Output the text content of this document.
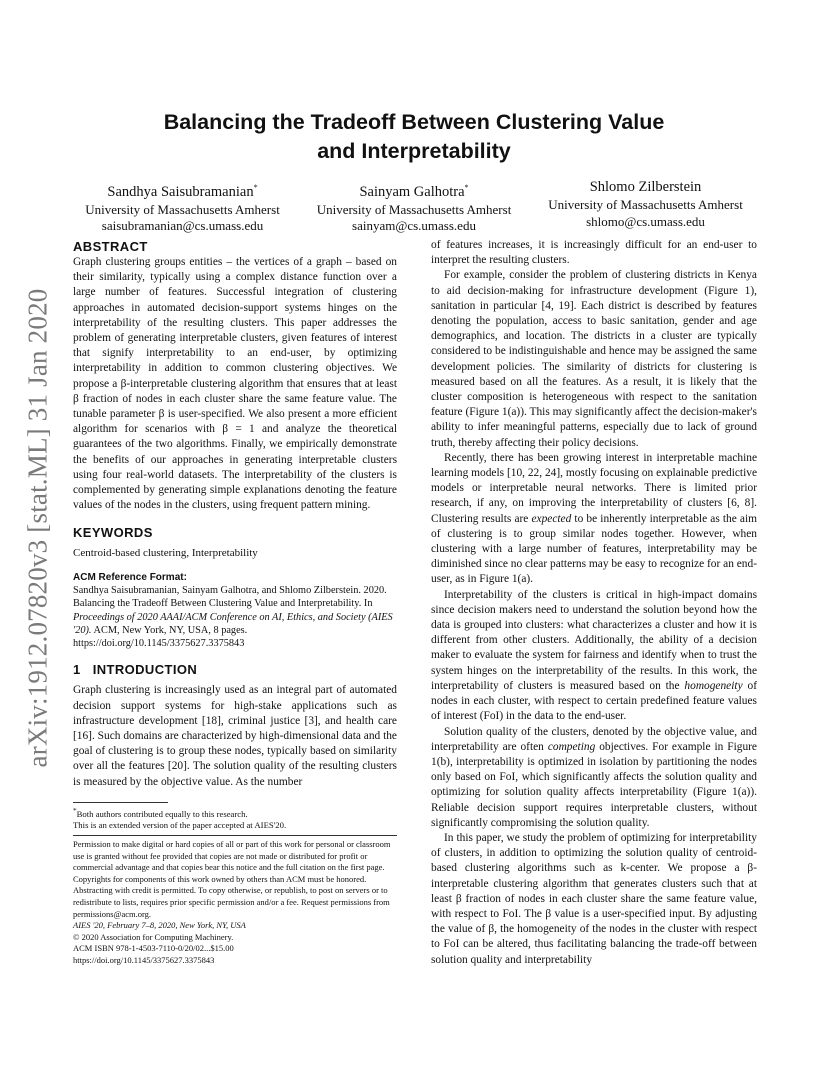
arXiv:1912.07820v3 [stat.ML] 31 Jan 2020
Balancing the Tradeoff Between Clustering Value
and Interpretability
Sandhya Saisubramanian*
University of Massachusetts Amherst
saisubramanian@cs.umass.edu
Sainyam Galhotra*
University of Massachusetts Amherst
sainyam@cs.umass.edu
Shlomo Zilberstein
University of Massachusetts Amherst
shlomo@cs.umass.edu
ABSTRACT

Graph clustering groups entities – the vertices of a graph – based on their similarity, typically using a complex distance function over a large number of features. Successful integration of clustering approaches in automated decision-support systems hinges on the interpretability of the resulting clusters. This paper addresses the problem of generating interpretable clusters, given features of interest that signify interpretability to an end-user, by optimizing interpretability in addition to common clustering objectives. We propose a β-interpretable clustering algorithm that ensures that at least β fraction of nodes in each cluster share the same feature value. The tunable parameter β is user-specified. We also present a more efficient algorithm for scenarios with β = 1 and analyze the theoretical guarantees of the two algorithms. Finally, we empirically demonstrate the benefits of our approaches in generating interpretable clusters using four real-world datasets. The interpretability of the clusters is complemented by generating simple explanations denoting the feature values of the nodes in the clusters, using frequent pattern mining.

KEYWORDS

Centroid-based clustering, Interpretability

ACM Reference Format:

Sandhya Saisubramanian, Sainyam Galhotra, and Shlomo Zilberstein. 2020. Balancing the Tradeoff Between Clustering Value and Interpretability. In Proceedings of 2020 AAAI/ACM Conference on AI, Ethics, and Society (AIES '20). ACM, New York, NY, USA, 8 pages. https://doi.org/10.1145/3375627.3375843

1 INTRODUCTION

Graph clustering is increasingly used as an integral part of automated decision support systems for high-stake applications such as infrastructure development [18], criminal justice [3], and health care [16]. Such domains are characterized by high-dimensional data and the goal of clustering is to group these nodes, typically based on similarity over all the features [20]. The solution quality of the resulting clusters is measured by the objective value. As the number

*Both authors contributed equally to this research.

This is an extended version of the paper accepted at AIES'20.

Permission to make digital or hard copies of all or part of this work for personal or classroom use is granted without fee provided that copies are not made or distributed for profit or commercial advantage and that copies bear this notice and the full citation on the first page. Copyrights for components of this work owned by others than ACM must be honored. Abstracting with credit is permitted. To copy otherwise, or republish, to post on servers or to redistribute to lists, requires prior specific permission and/or a fee. Request permissions from permissions@acm.org.

AIES '20, February 7–8, 2020, New York, NY, USA

© 2020 Association for Computing Machinery.

ACM ISBN 978-1-4503-7110-0/20/02...$15.00

https://doi.org/10.1145/3375627.3375843

of features increases, it is increasingly difficult for an end-user to interpret the resulting clusters.

For example, consider the problem of clustering districts in Kenya to aid decision-making for infrastructure development (Figure 1), sanitation in particular [4, 19]. Each district is described by features denoting the population, access to basic sanitation, gender and age demographics, and location. The districts in a cluster are typically considered to be indistinguishable and hence may be assigned the same development policies. The similarity of districts for clustering is measured based on all the features. As a result, it is likely that the cluster composition is heterogeneous with respect to the sanitation feature (Figure 1(a)). This may significantly affect the decision-maker's ability to infer meaningful patterns, especially due to lack of ground truth, thereby affecting their policy decisions.

Recently, there has been growing interest in interpretable machine learning models [10, 22, 24], mostly focusing on explainable predictive models or interpretable neural networks. There is limited prior research, if any, on improving the interpretability of clusters [6, 8]. Clustering results are expected to be inherently interpretable as the aim of clustering is to group similar nodes together. However, when clustering with a large number of features, interpretability may be diminished since no clear patterns may be easy to recognize for an end-user, as in Figure 1(a).

Interpretability of the clusters is critical in high-impact domains since decision makers need to understand the solution beyond how the data is grouped into clusters: what characterizes a cluster and how it is different from other clusters. Additionally, the ability of a decision maker to evaluate the system for fairness and identify when to trust the system hinges on the interpretability of the results. In this work, the interpretability of clusters is measured based on the homogeneity of nodes in each cluster, with respect to certain predefined feature values of interest (FoI) in the data to the end-user.

Solution quality of the clusters, denoted by the objective value, and interpretability are often competing objectives. For example in Figure 1(b), interpretability is optimized in isolation by partitioning the nodes only based on FoI, which significantly affects the solution quality and optimizing for solution quality affects interpretability (Figure 1(a)). Reliable decision support requires interpretable clusters, without significantly compromising the solution quality.

In this paper, we study the problem of optimizing for interpretability of clusters, in addition to optimizing the solution quality of centroid-based clustering algorithms such as k-center. We propose a β-interpretable clustering algorithm that generates clusters such that at least β fraction of nodes in each cluster share the same feature value, with respect to FoI. The β value is a user-specified input. By adjusting the value of β, the homogeneity of the nodes in the cluster with respect to FoI can be altered, thus facilitating balancing the trade-off between solution quality and interpretability
